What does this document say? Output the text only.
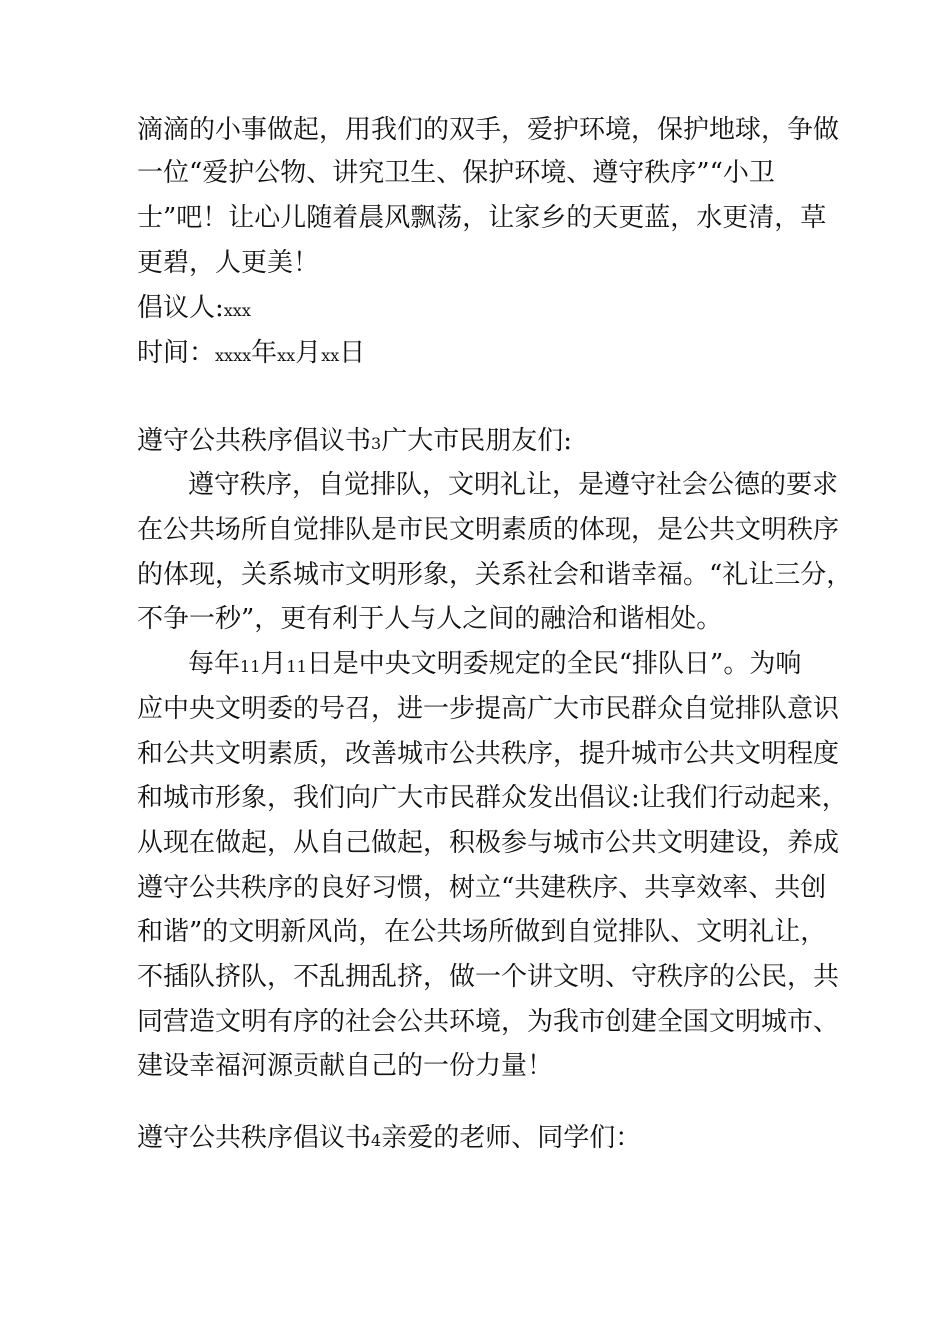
滴滴的小事做起，用我们的双手，爱护环境，保护地球，争做
一位“爱护公物、讲究卫生、保护环境、遵守秩序”“小卫
士”吧！让心儿随着晨风飘荡，让家乡的天更蓝，水更清，草
更碧，人更美！
倡议人:xxx
时间：xxxx年xx月xx日
遵守公共秩序倡议书3广大市民朋友们:
遵守秩序，自觉排队，文明礼让，是遵守社会公德的要求
在公共场所自觉排队是市民文明素质的体现，是公共文明秩序
的体现，关系城市文明形象，关系社会和谐幸福。“礼让三分，
不争一秒”，更有利于人与人之间的融洽和谐相处。
每年11月11日是中央文明委规定的全民“排队日”。为响
应中央文明委的号召，进一步提高广大市民群众自觉排队意识
和公共文明素质，改善城市公共秩序，提升城市公共文明程度
和城市形象，我们向广大市民群众发出倡议:让我们行动起来，
从现在做起，从自己做起，积极参与城市公共文明建设，养成
遵守公共秩序的良好习惯，树立“共建秩序、共享效率、共创
和谐”的文明新风尚，在公共场所做到自觉排队、文明礼让，
不插队挤队，不乱拥乱挤，做一个讲文明、守秩序的公民，共
同营造文明有序的社会公共环境，为我市创建全国文明城市、
建设幸福河源贡献自己的一份力量！
遵守公共秩序倡议书4亲爱的老师、同学们：
